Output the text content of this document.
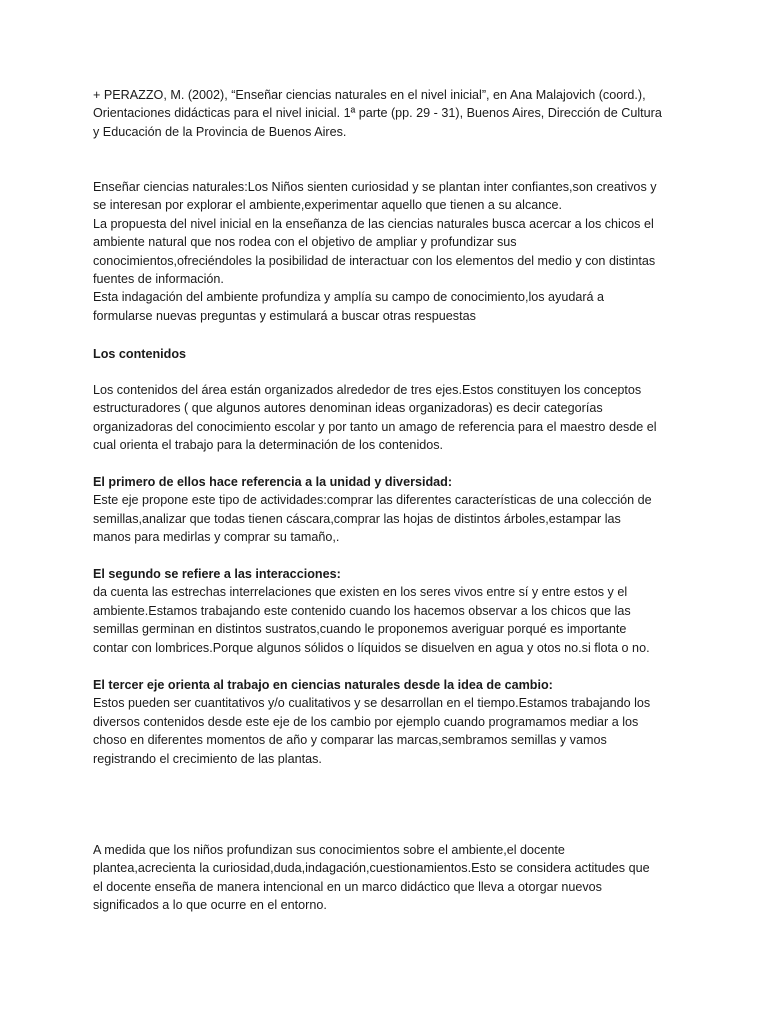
+ PERAZZO, M. (2002), “Enseñar ciencias naturales en el nivel inicial”, en Ana Malajovich (coord.),
Orientaciones didácticas para el nivel inicial. 1ª parte (pp. 29 - 31), Buenos Aires, Dirección de Cultura
y Educación de la Provincia de Buenos Aires.

Enseñar ciencias naturales:Los Niños sienten curiosidad y se plantan inter confiantes,son creativos y
se interesan por explorar el ambiente,experimentar aquello que tienen a su alcance.
La propuesta del nivel inicial en la enseñanza de las ciencias naturales busca acercar a los chicos el
ambiente natural que nos rodea con el objetivo de ampliar y profundizar sus
conocimientos,ofreciéndoles la posibilidad de interactuar con los elementos del medio y con distintas
fuentes de información.
Esta indagación del ambiente profundiza y amplía su campo de conocimiento,los ayudará a
formularse nuevas preguntas y estimulará a buscar otras respuestas

Los contenidos

Los contenidos del área están organizados alrededor de tres ejes.Estos constituyen los conceptos
estructuradores ( que algunos autores denominan ideas organizadoras) es decir categorías
organizadoras del conocimiento escolar y por tanto un amago de referencia para el maestro desde el
cual orienta el trabajo para la determinación de los contenidos.

El primero de ellos hace referencia a la unidad y diversidad:

Este eje propone este tipo de actividades:comprar las diferentes características de una colección de
semillas,analizar que todas tienen cáscara,comprar las hojas de distintos árboles,estampar las
manos para medirlas y comprar su tamaño,.

El segundo se refiere a las interacciones:

da cuenta las estrechas interrelaciones que existen en los seres vivos entre sí y entre estos y el
ambiente.Estamos trabajando este contenido cuando los hacemos observar a los chicos que las
semillas germinan en distintos sustratos,cuando le proponemos averiguar porqué es importante
contar con lombrices.Porque algunos sólidos o líquidos se disuelven en agua y otos no.si flota o no.

El tercer eje orienta al trabajo en ciencias naturales desde la idea de cambio:

Estos pueden ser cuantitativos y/o cualitativos y se desarrollan en el tiempo.Estamos trabajando los
diversos contenidos desde este eje de los cambio por ejemplo cuando programamos mediar a los
choso en diferentes momentos de año y comparar las marcas,sembramos semillas y vamos
registrando el crecimiento de las plantas.

A medida que los niños profundizan sus conocimientos sobre el ambiente,el docente
plantea,acrecienta la curiosidad,duda,indagación,cuestionamientos.Esto se considera actitudes que
el docente enseña de manera intencional en un marco didáctico que lleva a otorgar nuevos
significados a lo que ocurre en el entorno.
